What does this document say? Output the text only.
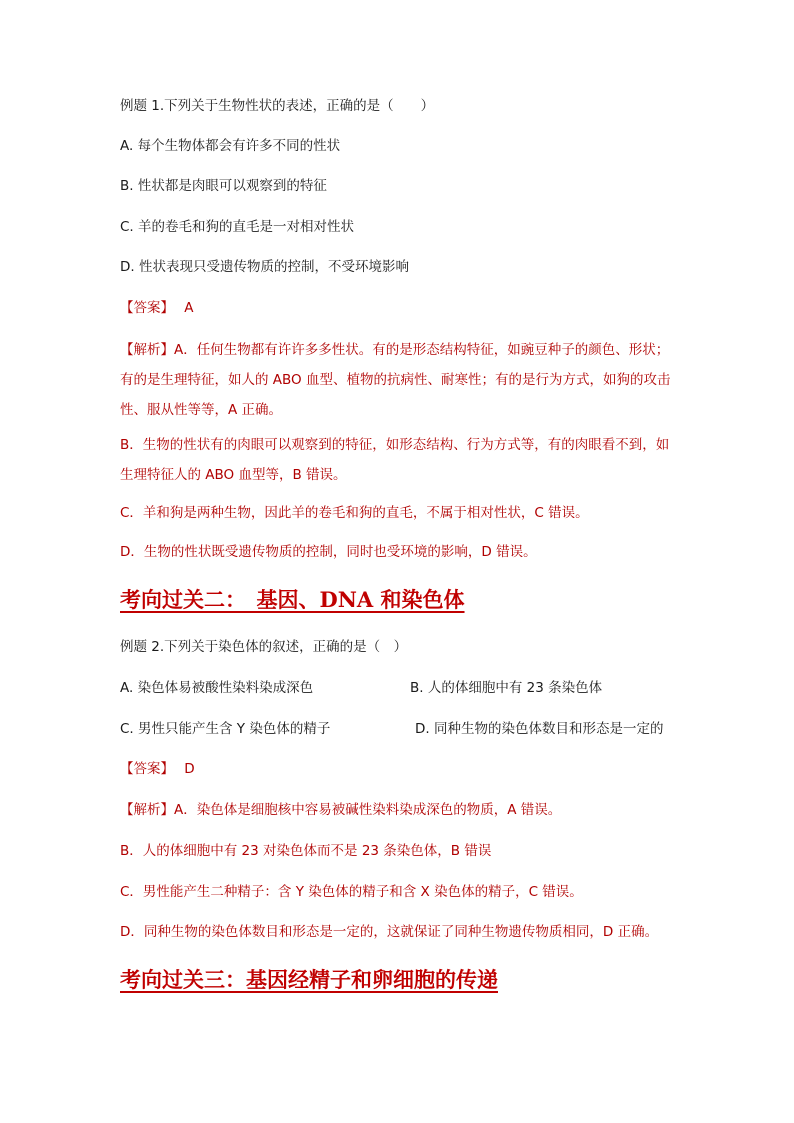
例题 1.下列关于生物性状的表述，正确的是（　　）
A. 每个生物体都会有许多不同的性状
B. 性状都是肉眼可以观察到的特征
C. 羊的卷毛和狗的直毛是一对相对性状
D. 性状表现只受遗传物质的控制，不受环境影响
【答案】 A
【解析】A．任何生物都有许许多多性状。有的是形态结构特征，如豌豆种子的颜色、形状；有的是生理特征，如人的 ABO 血型、植物的抗病性、耐寒性；有的是行为方式，如狗的攻击性、服从性等等，A 正确。
B．生物的性状有的肉眼可以观察到的特征，如形态结构、行为方式等，有的肉眼看不到，如生理特征人的 ABO 血型等，B 错误。
C．羊和狗是两种生物，因此羊的卷毛和狗的直毛，不属于相对性状，C 错误。
D．生物的性状既受遗传物质的控制，同时也受环境的影响，D 错误。
考向过关二：　基因、DNA 和染色体
例题 2.下列关于染色体的叙述，正确的是（　）
A. 染色体易被酸性染料染成深色	B. 人的体细胞中有 23 条染色体
C. 男性只能产生含 Y 染色体的精子	D. 同种生物的染色体数目和形态是一定的
【答案】 D
【解析】A．染色体是细胞核中容易被碱性染料染成深色的物质，A 错误。
B．人的体细胞中有 23 对染色体而不是 23 条染色体，B 错误
C．男性能产生二种精子：含 Y 染色体的精子和含 X 染色体的精子，C 错误。
D．同种生物的染色体数目和形态是一定的，这就保证了同种生物遗传物质相同，D 正确。
考向过关三：基因经精子和卵细胞的传递
